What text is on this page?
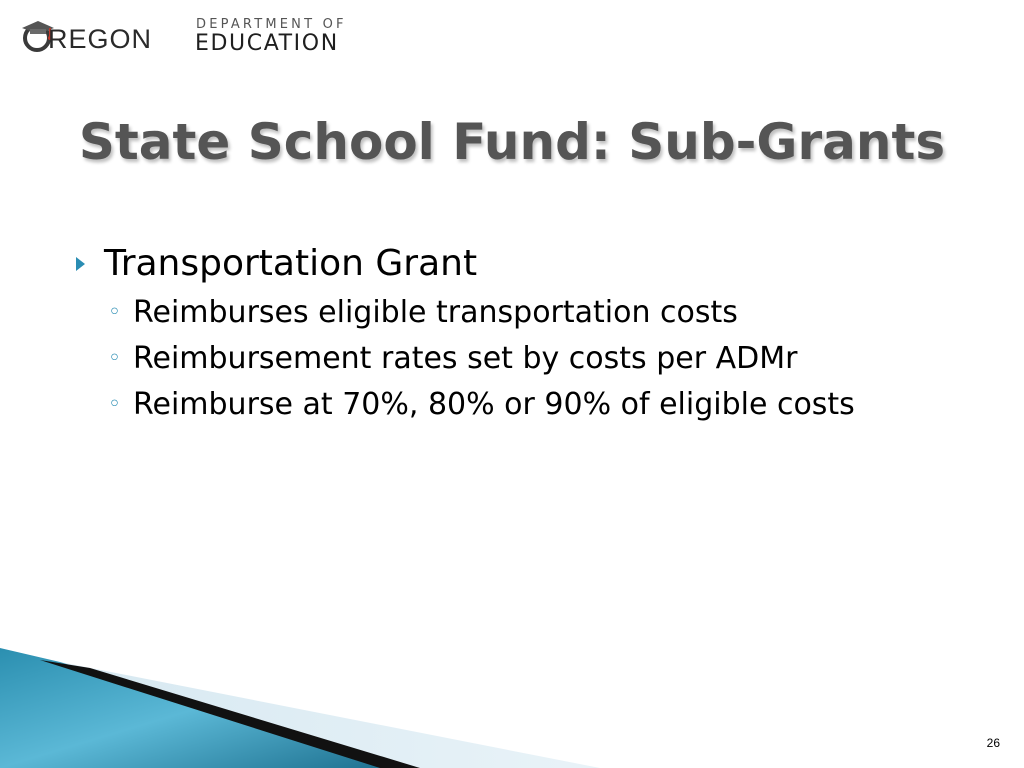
REGON	DEPARTMENT OF
EDUCATION
State School Fund: Sub-Grants
Transportation Grant
◦ Reimburses eligible transportation costs
◦ Reimbursement rates set by costs per ADMr
◦ Reimburse at 70%, 80% or 90% of eligible costs
26
